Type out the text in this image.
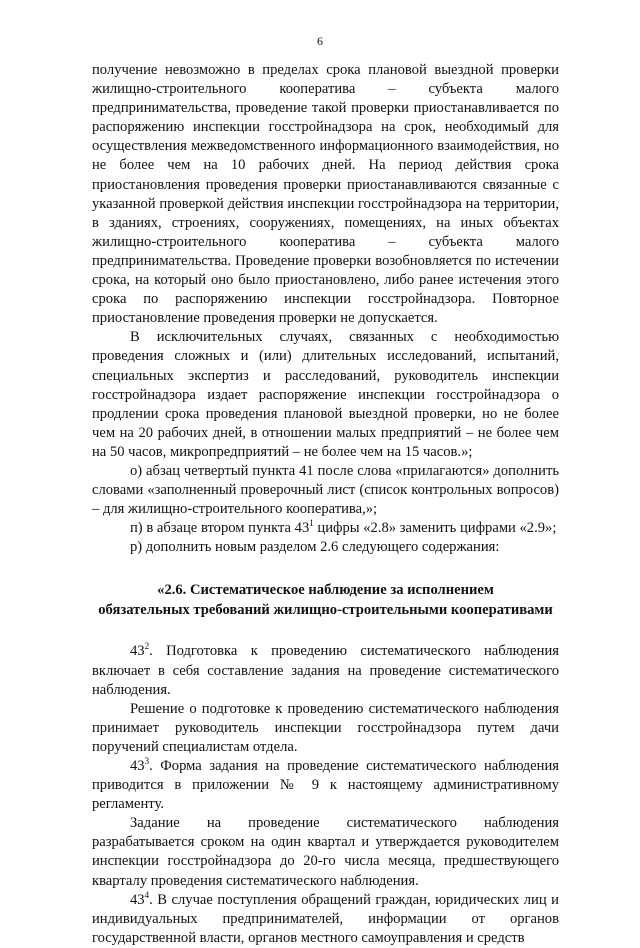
6

получение невозможно в пределах срока плановой выездной проверки жилищно-строительного кооператива – субъекта малого предпринимательства, проведение такой проверки приостанавливается по распоряжению инспекции госстройнадзора на срок, необходимый для осуществления межведомственного информационного взаимодействия, но не более чем на 10 рабочих дней. На период действия срока приостановления проведения проверки приостанавливаются связанные с указанной проверкой действия инспекции госстройнадзора на территории, в зданиях, строениях, сооружениях, помещениях, на иных объектах жилищно-строительного кооператива – субъекта малого предпринимательства. Проведение проверки возобновляется по истечении срока, на который оно было приостановлено, либо ранее истечения этого срока по распоряжению инспекции госстройнадзора. Повторное приостановление проведения проверки не допускается.

В исключительных случаях, связанных с необходимостью проведения сложных и (или) длительных исследований, испытаний, специальных экспертиз и расследований, руководитель инспекции госстройнадзора издает распоряжение инспекции госстройнадзора о продлении срока проведения плановой выездной проверки, но не более чем на 20 рабочих дней, в отношении малых предприятий – не более чем на 50 часов, микропредприятий – не более чем на 15 часов.»;

о) абзац четвертый пункта 41 после слова «прилагаются» дополнить словами «заполненный проверочный лист (список контрольных вопросов) – для жилищно-строительного кооператива,»;

п) в абзаце втором пункта $43^1$ цифры «2.8» заменить цифрами «2.9»;

р) дополнить новым разделом 2.6 следующего содержания:

«2.6. Систематическое наблюдение за исполнением
обязательных требований жилищно-строительными кооперативами

$43^2$. Подготовка к проведению систематического наблюдения включает в себя составление задания на проведение систематического наблюдения.

Решение о подготовке к проведению систематического наблюдения принимает руководитель инспекции госстройнадзора путем дачи поручений специалистам отдела.

$43^3$. Форма задания на проведение систематического наблюдения приводится в приложении № 9 к настоящему административному регламенту.

Задание на проведение систематического наблюдения разрабатывается сроком на один квартал и утверждается руководителем инспекции госстройнадзора до 20-го числа месяца, предшествующего кварталу проведения систематического наблюдения.

$43^4$. В случае поступления обращений граждан, юридических лиц и индивидуальных предпринимателей, информации от органов государственной власти, органов местного самоуправления и средств
